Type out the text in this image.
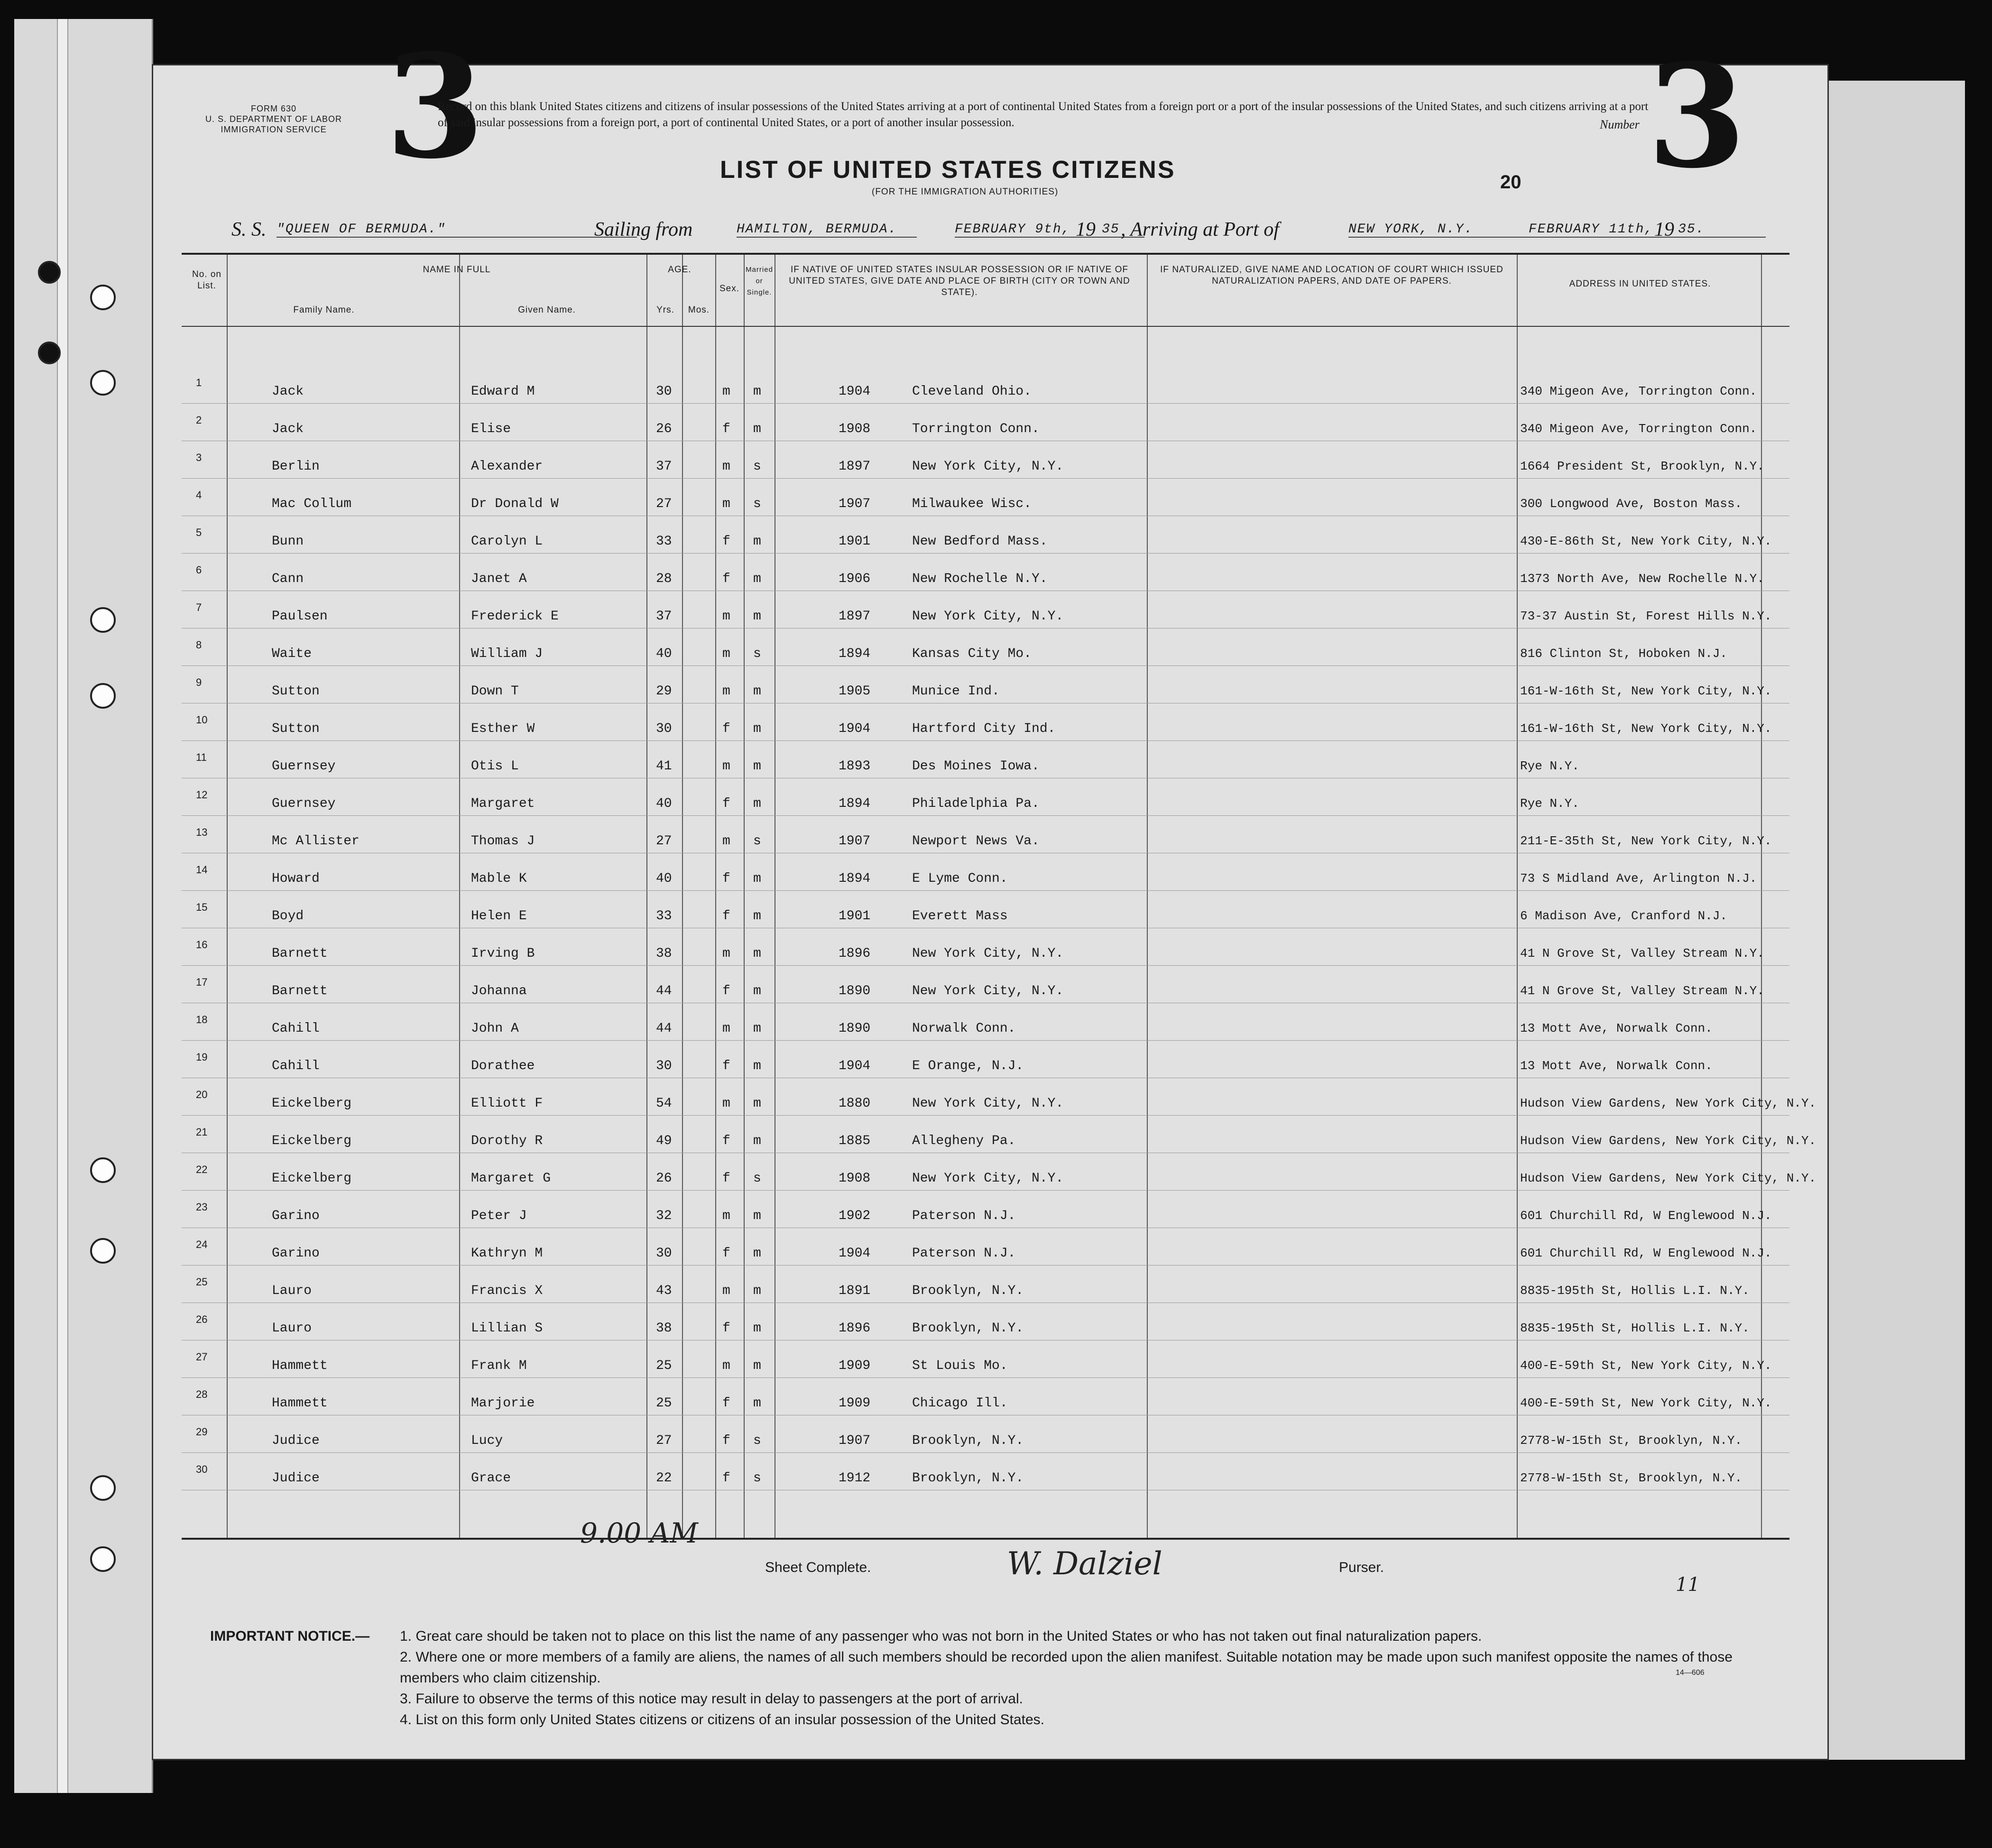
FORM 630
U. S. DEPARTMENT OF LABOR
IMMIGRATION SERVICE 3
Record on this blank United States citizens and citizens of insular possessions of the United States arriving at a port of continental United States from a foreign port or a port of the insular possessions of the United States, and such citizens arriving at a port of said insular possessions from a foreign port, a port of continental United States, or a port of another insular possession.	Number 3
LIST OF UNITED STATES CITIZENS
(FOR THE IMMIGRATION AUTHORITIES)	20
S. S. "QUEEN OF BERMUDA."	Sailing from	HAMILTON, BERMUDA.	FEBRUARY 9th, 19 35 , Arriving at Port of	NEW YORK, N.Y.	FEBRUARY 11th, 19 35.
No. on List.
NAME IN FULL
Family Name.	Given Name.
AGE.
Yrs.	Mos.
Sex.
Married or Single.
IF NATIVE OF UNITED STATES INSULAR POSSESSION OR IF NATIVE OF UNITED STATES, GIVE DATE AND PLACE OF BIRTH (CITY OR TOWN AND STATE).
IF NATURALIZED, GIVE NAME AND LOCATION OF COURT WHICH ISSUED NATURALIZATION PAPERS, AND DATE OF PAPERS.	ADDRESS IN UNITED STATES.
1
Jack	Edward M	30	m m	1904	Cleveland Ohio.	340 Migeon Ave, Torrington Conn.
2
Jack	Elise	26	f m	1908	Torrington Conn.	340 Migeon Ave, Torrington Conn.
3
Berlin	Alexander	37	m s	1897	New York City, N.Y.	1664 President St, Brooklyn, N.Y.
4
Mac Collum	Dr Donald W	27	m s	1907	Milwaukee Wisc.	300 Longwood Ave, Boston Mass.
5
Bunn	Carolyn L	33	f m	1901	New Bedford Mass.	430-E-86th St, New York City, N.Y.
6
Cann	Janet A	28	f m	1906	New Rochelle N.Y.	1373 North Ave, New Rochelle N.Y.
7
Paulsen	Frederick E	37	m m	1897	New York City, N.Y.	73-37 Austin St, Forest Hills N.Y.
8
Waite	William J	40	m s	1894	Kansas City Mo.	816 Clinton St, Hoboken N.J.
9
Sutton	Down T	29	m m	1905	Munice Ind.	161-W-16th St, New York City, N.Y.
10
Sutton	Esther W	30	f m	1904	Hartford City Ind.	161-W-16th St, New York City, N.Y.
11
Guernsey	Otis L	41	m m	1893	Des Moines Iowa.	Rye N.Y.
12
Guernsey	Margaret	40	f m	1894	Philadelphia Pa.	Rye N.Y.
13
Mc Allister	Thomas J	27	m s	1907	Newport News Va.	211-E-35th St, New York City, N.Y.
14
Howard	Mable K	40	f m	1894	E Lyme Conn.	73 S Midland Ave, Arlington N.J.
15
Boyd	Helen E	33	f m	1901	Everett Mass	6 Madison Ave, Cranford N.J.
16
Barnett	Irving B	38	m m	1896	New York City, N.Y.	41 N Grove St, Valley Stream N.Y.
17
Barnett	Johanna	44	f m	1890	New York City, N.Y.	41 N Grove St, Valley Stream N.Y.
18
Cahill	John A	44	m m	1890	Norwalk Conn.	13 Mott Ave, Norwalk Conn.
19
Cahill	Dorathee	30	f m	1904	E Orange, N.J.	13 Mott Ave, Norwalk Conn.
20
Eickelberg	Elliott F	54	m m	1880	New York City, N.Y.	Hudson View Gardens, New York City, N.Y.
21
Eickelberg	Dorothy R	49	f m	1885	Allegheny Pa.	Hudson View Gardens, New York City, N.Y.
22
Eickelberg	Margaret G	26	f s	1908	New York City, N.Y.	Hudson View Gardens, New York City, N.Y.
23
Garino	Peter J	32	m m	1902	Paterson N.J.	601 Churchill Rd, W Englewood N.J.
24
Garino	Kathryn M	30	f m	1904	Paterson N.J.	601 Churchill Rd, W Englewood N.J.
25
Lauro	Francis X	43	m m	1891	Brooklyn, N.Y.	8835-195th St, Hollis L.I. N.Y.
26
Lauro	Lillian S	38	f m	1896	Brooklyn, N.Y.	8835-195th St, Hollis L.I. N.Y.
27
Hammett	Frank M	25	m m	1909	St Louis Mo.	400-E-59th St, New York City, N.Y.
28
Hammett	Marjorie	25	f m	1909	Chicago Ill.	400-E-59th St, New York City, N.Y.
29
Judice	Lucy	27	f s	1907	Brooklyn, N.Y.	2778-W-15th St, Brooklyn, N.Y.
30
Judice	Grace	22	f s	1912	Brooklyn, N.Y.	2778-W-15th St, Brooklyn, N.Y.
Sheet Complete.	W. Dalziel	Purser.
9.00 AM
11
IMPORTANT NOTICE.— 1. Great care should be taken not to place on this list the name of any passenger who was not born in the United States or who has not taken out final naturalization papers.
2. Where one or more members of a family are aliens, the names of all such members should be recorded upon the alien manifest. Suitable notation may be made upon such manifest opposite the names of those members who claim citizenship.
3. Failure to observe the terms of this notice may result in delay to passengers at the port of arrival.
4. List on this form only United States citizens or citizens of an insular possession of the United States.
14—606
